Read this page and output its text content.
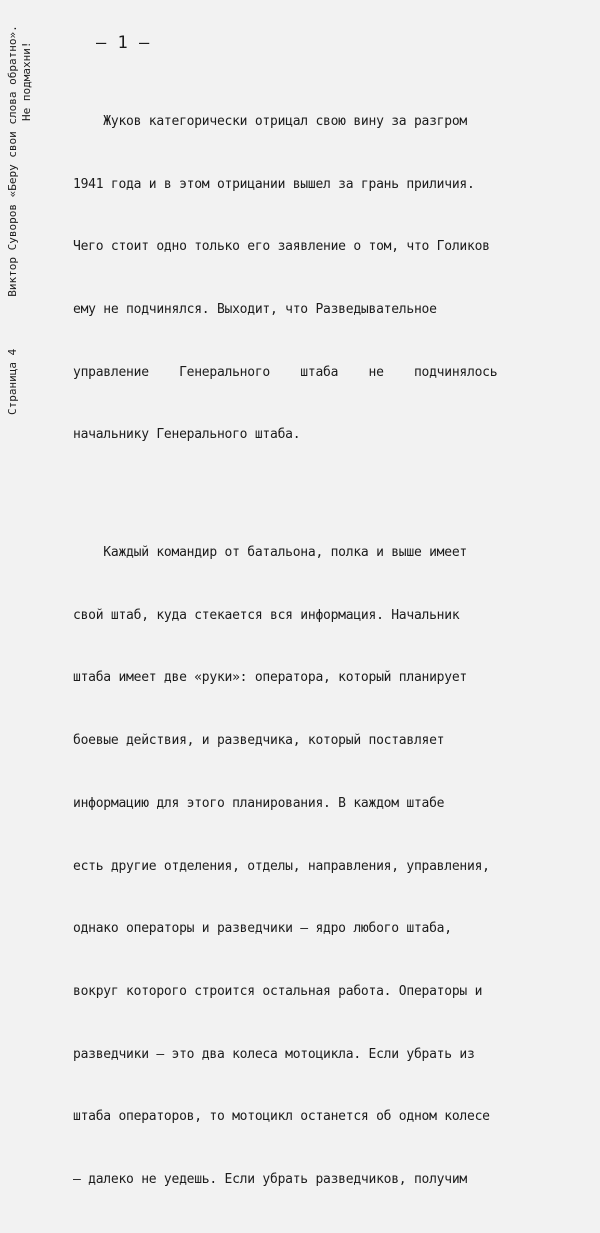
Страница 4Виктор Суворов «Беру свои слова обратно». Не подмахни!	— 1 —

Жуков категорически отрицал свою вину за разгром

1941 года и в этом отрицании вышел за грань приличия.

Чего стоит одно только его заявление о том, что Голиков

ему не подчинялся. Выходит, что Разведывательное

управление    Генерального    штаба    не    подчинялось

начальнику Генерального штаба.

Каждый командир от батальона, полка и выше имеет

свой штаб, куда стекается вся информация. Начальник

штаба имеет две «руки»: оператора, который планирует

боевые действия, и разведчика, который поставляет

информацию для этого планирования. В каждом штабе

есть другие отделения, отделы, направления, управления,

однако операторы и разведчики — ядро любого штаба,

вокруг которого строится остальная работа. Операторы и

разведчики — это два колеса мотоцикла. Если убрать из

штаба операторов, то мотоцикл останется об одном колесе

— далеко не уедешь. Если убрать разведчиков, получим
